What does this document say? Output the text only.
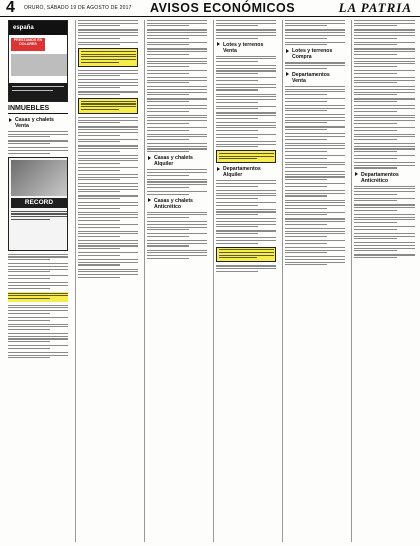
4 ORURO, SÁBADO 19 DE AGOSTO DE 2017 AVISOS ECONÓMICOS	LA PATRIA
españa
PRESTAMOS EN DOLARES
INMUEBLES
Casas y chalets Venta
RECORD
Casas y chalets Alquiler
Casas y chalets Anticrético
Lotes y terrenos Venta
Departamentos Alquiler
Lotes y terrenos Compra
Departamentos Venta
Departamentos Anticrético
